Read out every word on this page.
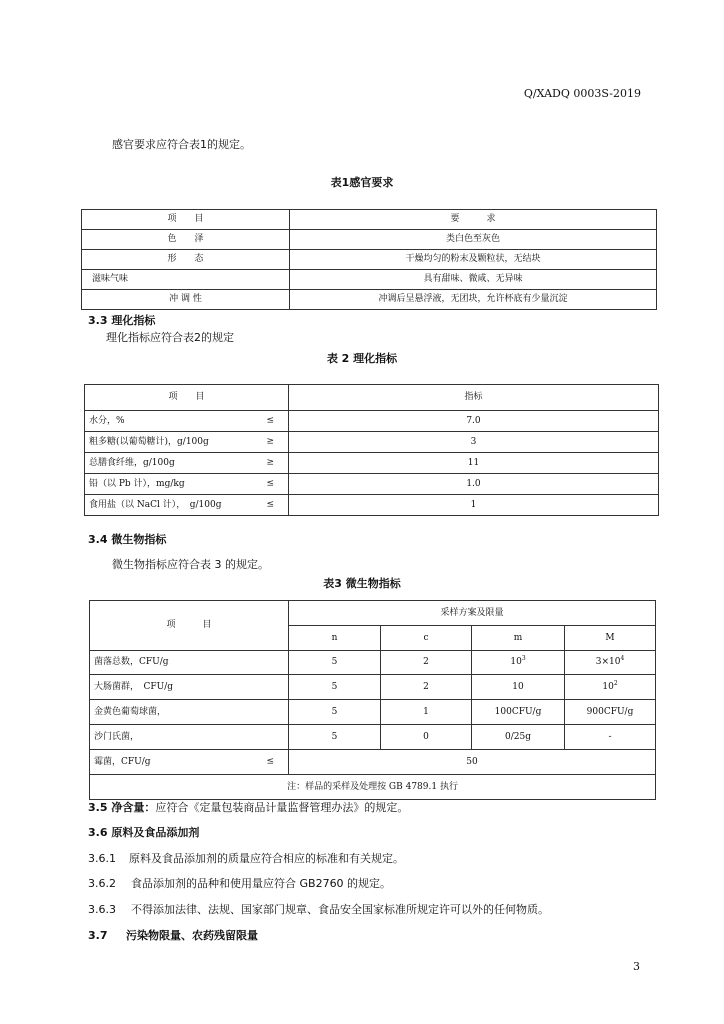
Q/XADQ 0003S-2019
感官要求应符合表1的规定。
表1感官要求
项　　目	要　　　求
色　　泽	类白色至灰色
形　　态	干燥均匀的粉末及颗粒状，无结块
滋味气味	具有甜味、微咸、无异味
冲 调 性	冲调后呈悬浮液，无团块，允许杯底有少量沉淀
3.3 理化指标
理化指标应符合表2的规定
表 2 理化指标
项　　目	指标
水分，% ≤	7.0
粗多糖(以葡萄糖计)，g/100g ≥	3
总膳食纤维，g/100g ≥	11
铅（以 Pb 计），mg/kg ≤	1.0
食用盐（以 NaCl 计），　g/100g ≤	1
3.4 微生物指标
微生物指标应符合表 3 的规定。
表3 微生物指标
项　　　目	采样方案及限量			
	n	c	m	M
菌落总数，CFU/g	5	2	$10^3$	$3\times 10^4$
大肠菌群，　CFU/g	5	2	10	$10^2$
金黄色葡萄球菌，	5	1	100CFU/g	900CFU/g
沙门氏菌，	5	0	0/25g	-
霉菌，CFU/g ≤	50			
注：样品的采样及处理按 GB 4789.1 执行				
3.5 净含量：应符合《定量包装商品计量监督管理办法》的规定。
3.6 原料及食品添加剂
3.6.1 原料及食品添加剂的质量应符合相应的标准和有关规定。
3.6.2 食品添加剂的品种和使用量应符合 GB2760 的规定。
3.6.3 不得添加法律、法规、国家部门规章、食品安全国家标准所规定许可以外的任何物质。
3.7 污染物限量、农药残留限量
3
